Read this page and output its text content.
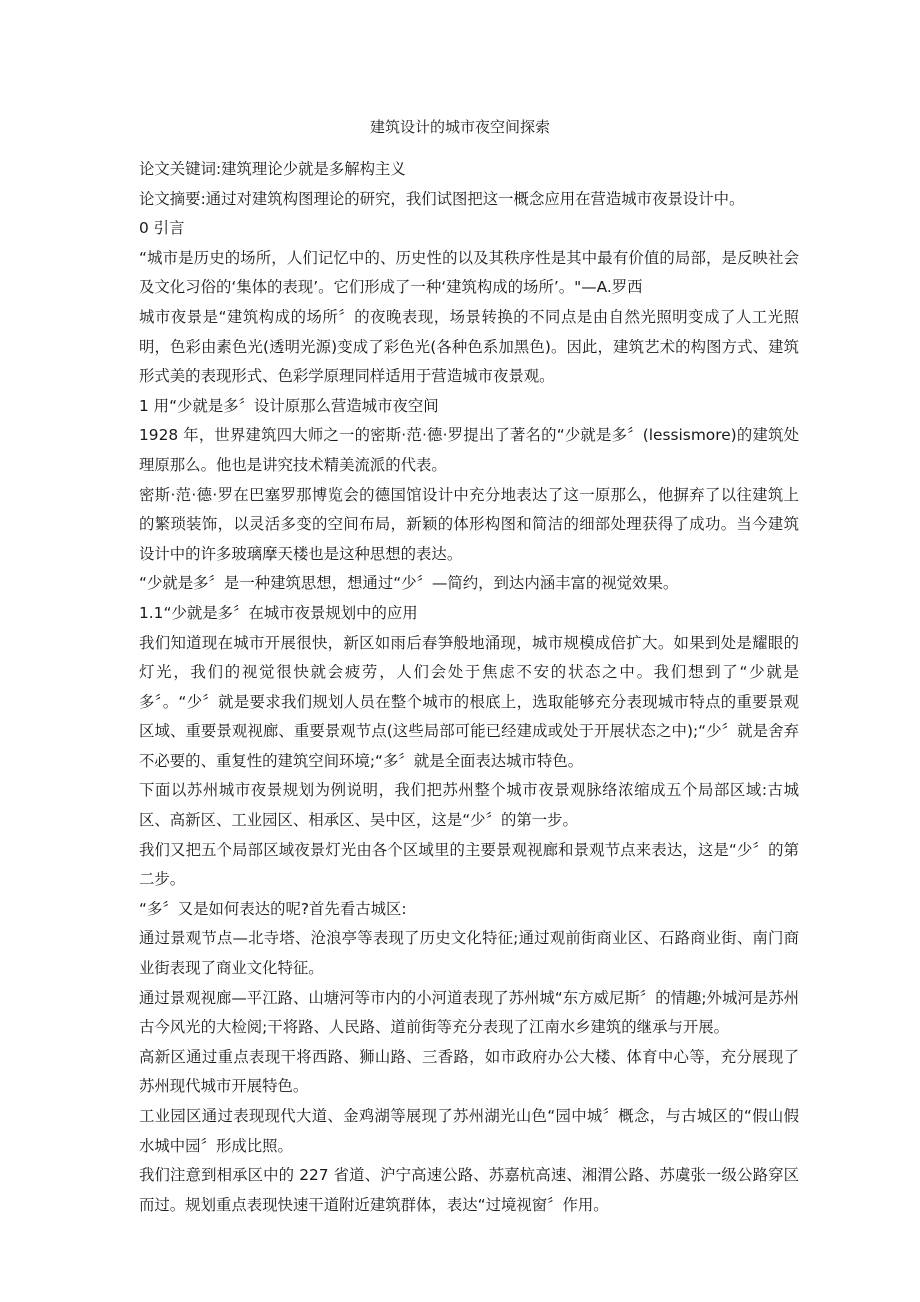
建筑设计的城市夜空间探索

论文关键词:建筑理论少就是多解构主义

论文摘要:通过对建筑构图理论的研究，我们试图把这一概念应用在营造城市夜景设计中。

0 引言

“城市是历史的场所，人们记忆中的、历史性的以及其秩序性是其中最有价值的局部，是反映社会及文化习俗的‘集体的表现’。它们形成了一种‘建筑构成的场所’。"—A.罗西

城市夜景是“建筑构成的场所〞的夜晚表现，场景转换的不同点是由自然光照明变成了人工光照明，色彩由素色光(透明光源)变成了彩色光(各种色系加黑色)。因此，建筑艺术的构图方式、建筑形式美的表现形式、色彩学原理同样适用于营造城市夜景观。

1 用“少就是多〞设计原那么营造城市夜空间

1928 年，世界建筑四大师之一的密斯·范·德·罗提出了著名的“少就是多〞(lessismore)的建筑处理原那么。他也是讲究技术精美流派的代表。

密斯·范·德·罗在巴塞罗那博览会的德国馆设计中充分地表达了这一原那么，他摒弃了以往建筑上的繁琐装饰，以灵活多变的空间布局，新颖的体形构图和简洁的细部处理获得了成功。当今建筑设计中的许多玻璃摩天楼也是这种思想的表达。

“少就是多〞是一种建筑思想，想通过“少〞—简约，到达内涵丰富的视觉效果。

1.1“少就是多〞在城市夜景规划中的应用

我们知道现在城市开展很快，新区如雨后春笋般地涌现，城市规模成倍扩大。如果到处是耀眼的灯光，我们的视觉很快就会疲劳，人们会处于焦虑不安的状态之中。我们想到了“少就是多〞。“少〞就是要求我们规划人员在整个城市的根底上，选取能够充分表现城市特点的重要景观区域、重要景观视廊、重要景观节点(这些局部可能已经建成或处于开展状态之中);“少〞就是舍弃不必要的、重复性的建筑空间环境;“多〞就是全面表达城市特色。

下面以苏州城市夜景规划为例说明，我们把苏州整个城市夜景观脉络浓缩成五个局部区域:古城区、高新区、工业园区、相承区、吴中区，这是“少〞的第一步。

我们又把五个局部区域夜景灯光由各个区域里的主要景观视廊和景观节点来表达，这是“少〞的第二步。

“多〞又是如何表达的呢?首先看古城区:

通过景观节点—北寺塔、沧浪亭等表现了历史文化特征;通过观前街商业区、石路商业街、南门商业街表现了商业文化特征。

通过景观视廊—平江路、山塘河等市内的小河道表现了苏州城“东方威尼斯〞的情趣;外城河是苏州古今风光的大检阅;干将路、人民路、道前街等充分表现了江南水乡建筑的继承与开展。

高新区通过重点表现干将西路、狮山路、三香路，如市政府办公大楼、体育中心等，充分展现了苏州现代城市开展特色。

工业园区通过表现现代大道、金鸡湖等展现了苏州湖光山色“园中城〞概念，与古城区的“假山假水城中园〞形成比照。

我们注意到相承区中的 227 省道、沪宁高速公路、苏嘉杭高速、湘渭公路、苏虞张一级公路穿区而过。规划重点表现快速干道附近建筑群体，表达“过境视窗〞作用。
